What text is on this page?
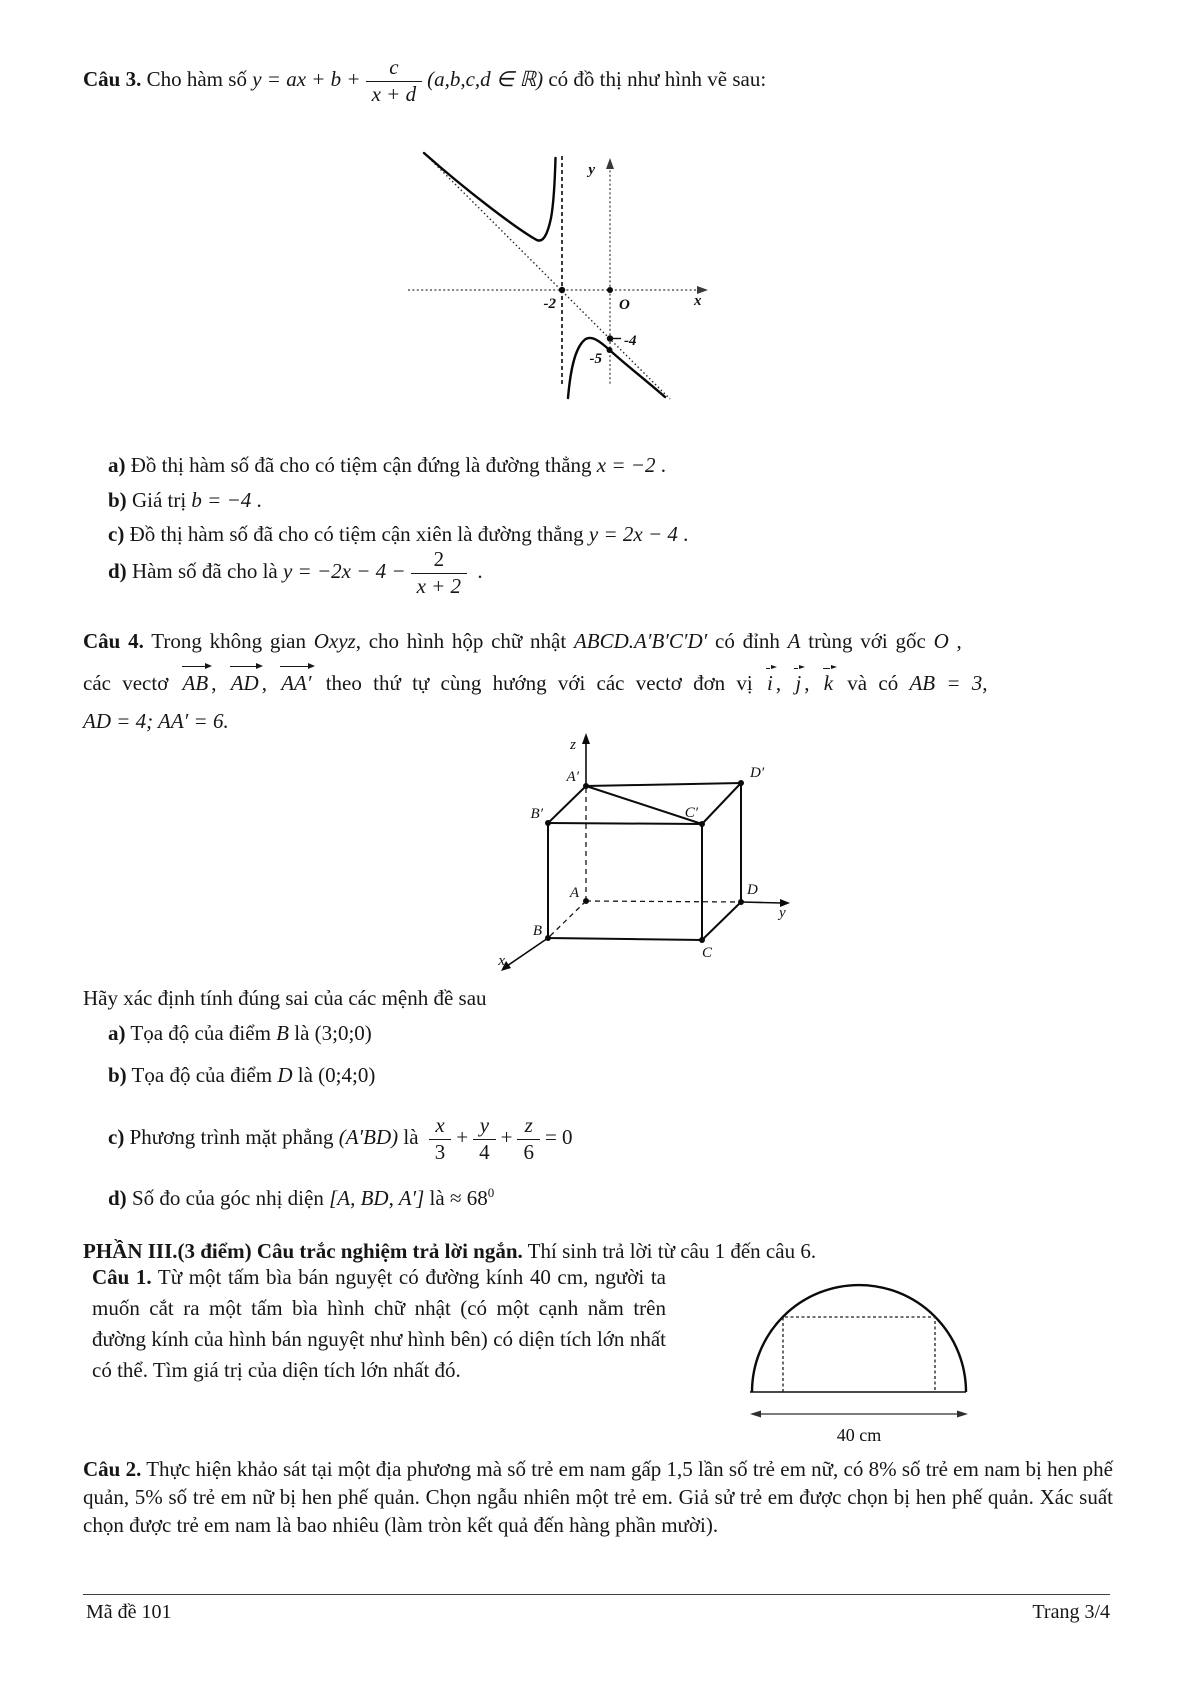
Câu 3. Cho hàm số y = ax + $b + \frac{c}{x + d} (a,b,c,d$ ∈ ℝ) có đồ thị như hình vẽ sau:
y
x
-2	O
-4
-5
a) Đồ thị hàm số đã cho có tiệm cận đứng là đường thẳng x = −2 .
b) Giá trị b = −4 .
c) Đồ thị hàm số đã cho có tiệm cận xiên là đường thẳng y = 2x − 4 .
d) Hàm số đã cho là $y = -2x - 4 - \frac{2}{x + 2}$ .
Câu 4. Trong không gian Oxyz, cho hình hộp chữ nhật ABCD.A′B′C′D′ có đỉnh A trùng với gốc O ,
các vectơ AB , AD , AA′ theo thứ tự cùng hướng với các vectơ đơn vị i , j , k và có AB = 3,
AD = 4; AA′ = 6.
z
A′	D′
B′	C′
A
B
C
D
x
y
Hãy xác định tính đúng sai của các mệnh đề sau
a) Tọa độ của điểm B là (3;0;0)
b) Tọa độ của điểm D là (0;4;0)
c) Phương trình mặt phẳng (A′BD) là $\frac{x}{3} + \frac{y}{4} + \frac{z}{6} = 0$
d) Số đo của góc nhị diện [A, BD, A′] là ≈ $68^0$
PHẦN III.(3 điểm) Câu trắc nghiệm trả lời ngắn. Thí sinh trả lời từ câu 1 đến câu 6.
Câu 1. Từ một tấm bìa bán nguyệt có đường kính 40 cm, người ta muốn cắt ra một tấm bìa hình chữ nhật (có một cạnh nằm trên đường kính của hình bán nguyệt như hình bên) có diện tích lớn nhất có thể. Tìm giá trị của diện tích lớn nhất đó.
40 cm
Câu 2. Thực hiện khảo sát tại một địa phương mà số trẻ em nam gấp 1,5 lần số trẻ em nữ, có 8% số trẻ em nam bị hen phế quản, 5% số trẻ em nữ bị hen phế quản. Chọn ngẫu nhiên một trẻ em. Giả sử trẻ em được chọn bị hen phế quản. Xác suất chọn được trẻ em nam là bao nhiêu (làm tròn kết quả đến hàng phần mười).
Mã đề 101	Trang 3/4
